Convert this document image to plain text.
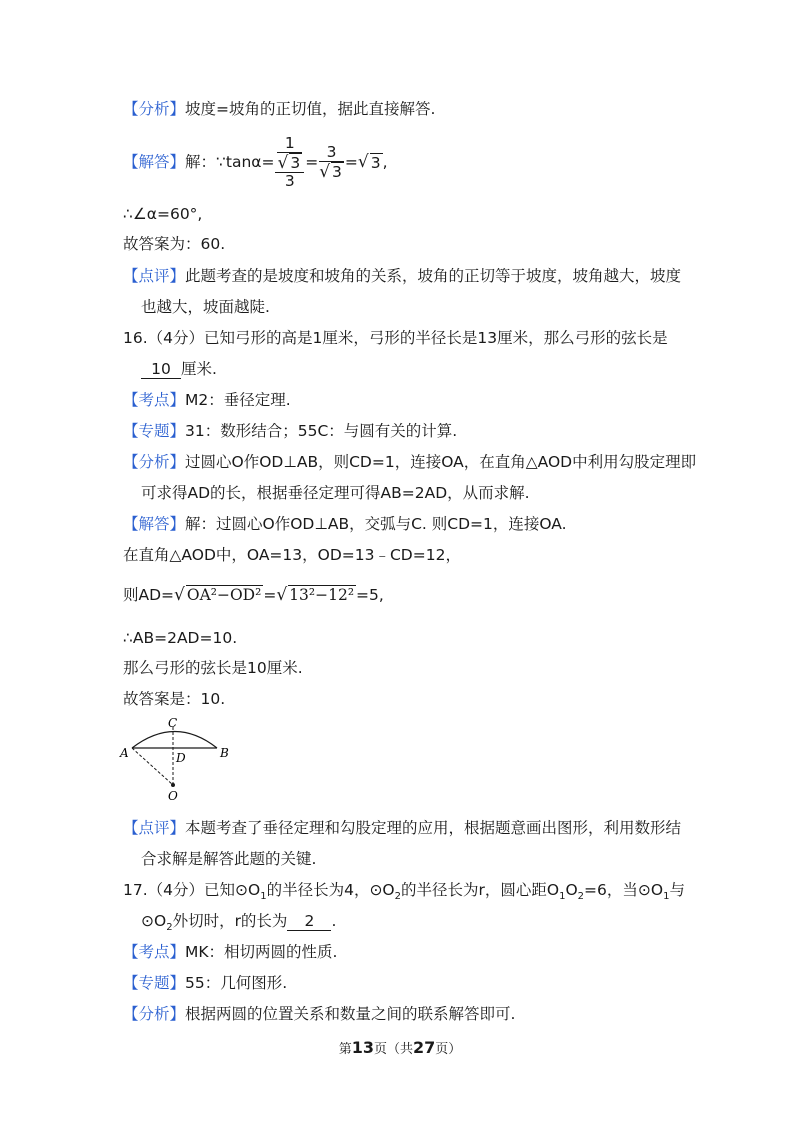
【分析】坡度=坡角的正切值，据此直接解答.
【解答】 解：∵tanα= $\frac{\frac{1}{√ 3}}{3} = \frac{3}{√ 3}$ = √ 3 ,
∴∠α=60°,
故答案为：60.
【点评】此题考查的是坡度和坡角的关系，坡角的正切等于坡度，坡角越大，坡度
也越大，坡面越陡.
16.（4分）已知弓形的高是1厘米，弓形的半径长是13厘米，那么弓形的弦长是
10 厘米.
【考点】M2：垂径定理.
【专题】31：数形结合；55C：与圆有关的计算.
【分析】过圆心O作OD⊥AB，则CD=1，连接OA，在直角△AOD中利用勾股定理即
可求得AD的长，根据垂径定理可得AB=2AD，从而求解.
【解答】解：过圆心O作OD⊥AB，交弧与C. 则CD=1，连接OA.
在直角△AOD中，OA=13，OD=13﹣CD=12，
则AD=√ OA²−OD² =√ 13²−12² =5,
∴AB=2AD=10.
那么弓形的弦长是10厘米.
故答案是：10.
A	B
C
D
O
【点评】本题考查了垂径定理和勾股定理的应用，根据题意画出图形，利用数形结
合求解是解答此题的关键.
17.（4分）已知$⊙O_1$的半径长为4，$⊙O_2$的半径长为r，圆心距$O_1O_2=6$，当$⊙O_1$与
$⊙O_2$外切时，r的长为 2 .
【考点】MK：相切两圆的性质.
【专题】55：几何图形.
【分析】根据两圆的位置关系和数量之间的联系解答即可.
第13页（共27页）
